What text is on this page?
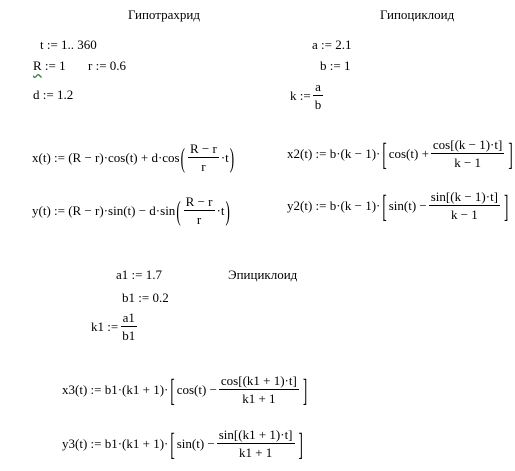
Гипотрахрид	Гипоциклоид
Эпициклоид
t := 1.. 360
R := 1 r := 0.6
d := 1.2
a := 2.1
b := 1
k := $\frac{a}{b}$
x(t) := (R − r)·cos(t) + d·cos ( $\frac{R - r}{r} \cdot t$ )
y(t) := (R − r)·sin(t) − d·sin ( $\frac{R - r}{r} \cdot t$ )
x2(t) := b·(k − 1)· [ $\cos(t) + \frac{\cos[(k - 1)\cdot t]}{k - 1}$ ]
y2(t) := b·(k − 1)· [ $\sin(t) - \frac{\sin[(k - 1)\cdot t]}{k - 1}$ ]
a1 := 1.7
b1 := 0.2
k1 := $\frac{a1}{b1}$
x3(t) := b1·(k1 + 1)· [ $\cos(t) - \frac{\cos[(k1 + 1)\cdot t]}{k1 + 1}$ ]
y3(t) := b1·(k1 + 1)· [ $\sin(t) - \frac{\sin[(k1 + 1)\cdot t]}{k1 + 1}$ ]
